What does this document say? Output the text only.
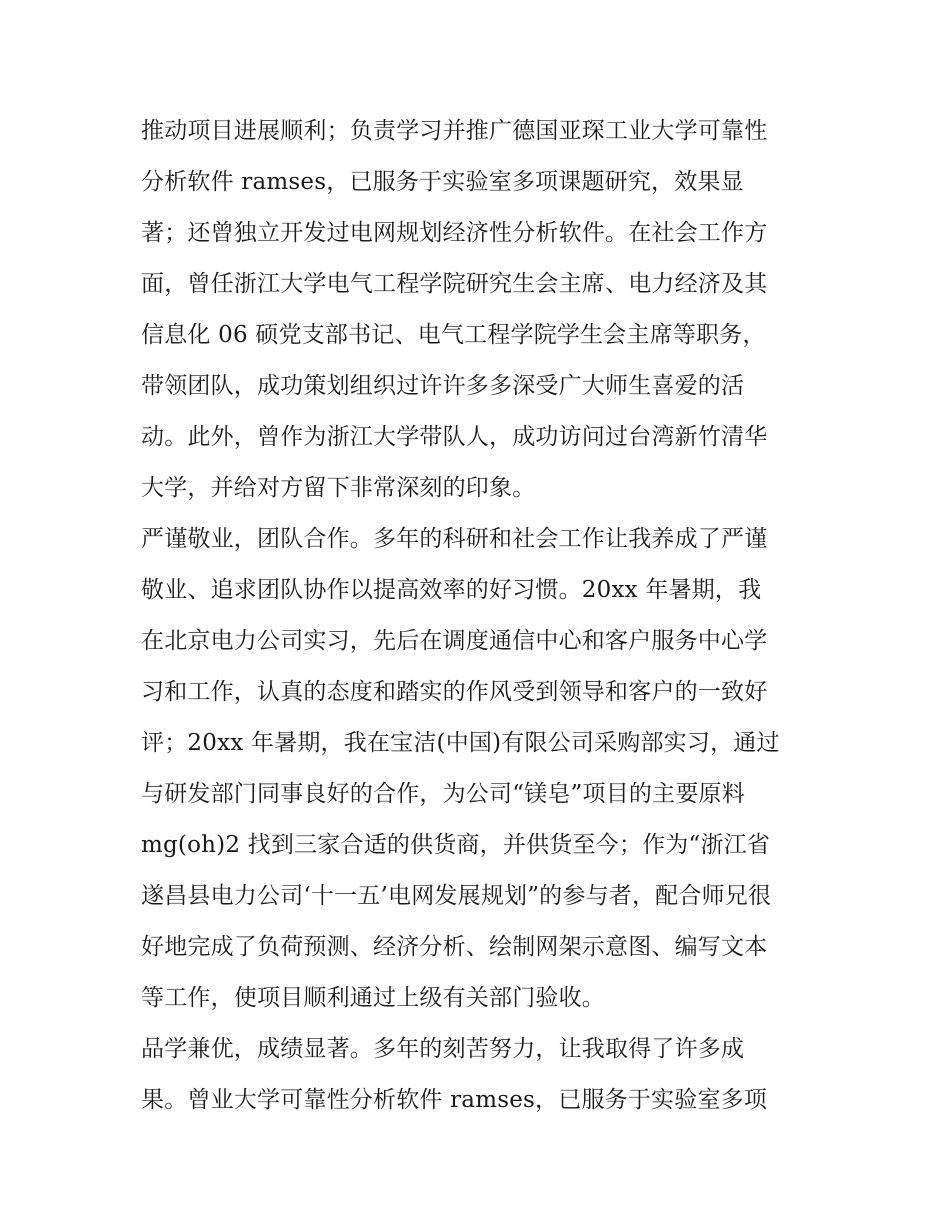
推动项目进展顺利；负责学习并推广德国亚琛工业大学可靠性
分析软件 ramses，已服务于实验室多项课题研究，效果显
著；还曾独立开发过电网规划经济性分析软件。在社会工作方
面，曾任浙江大学电气工程学院研究生会主席、电力经济及其
信息化 06 硕党支部书记、电气工程学院学生会主席等职务，
带领团队，成功策划组织过许许多多深受广大师生喜爱的活
动。此外，曾作为浙江大学带队人，成功访问过台湾新竹清华
大学，并给对方留下非常深刻的印象。
严谨敬业，团队合作。多年的科研和社会工作让我养成了严谨
敬业、追求团队协作以提高效率的好习惯。20xx 年暑期，我
在北京电力公司实习，先后在调度通信中心和客户服务中心学
习和工作，认真的态度和踏实的作风受到领导和客户的一致好
评；20xx 年暑期，我在宝洁(中国)有限公司采购部实习，通过
与研发部门同事良好的合作，为公司“镁皂”项目的主要原料
mg(oh)2 找到三家合适的供货商，并供货至今；作为“浙江省
遂昌县电力公司‘十一五’电网发展规划”的参与者，配合师兄很
好地完成了负荷预测、经济分析、绘制网架示意图、编写文本
等工作，使项目顺利通过上级有关部门验收。
品学兼优，成绩显著。多年的刻苦努力，让我取得了许多成
果。曾业大学可靠性分析软件 ramses，已服务于实验室多项
